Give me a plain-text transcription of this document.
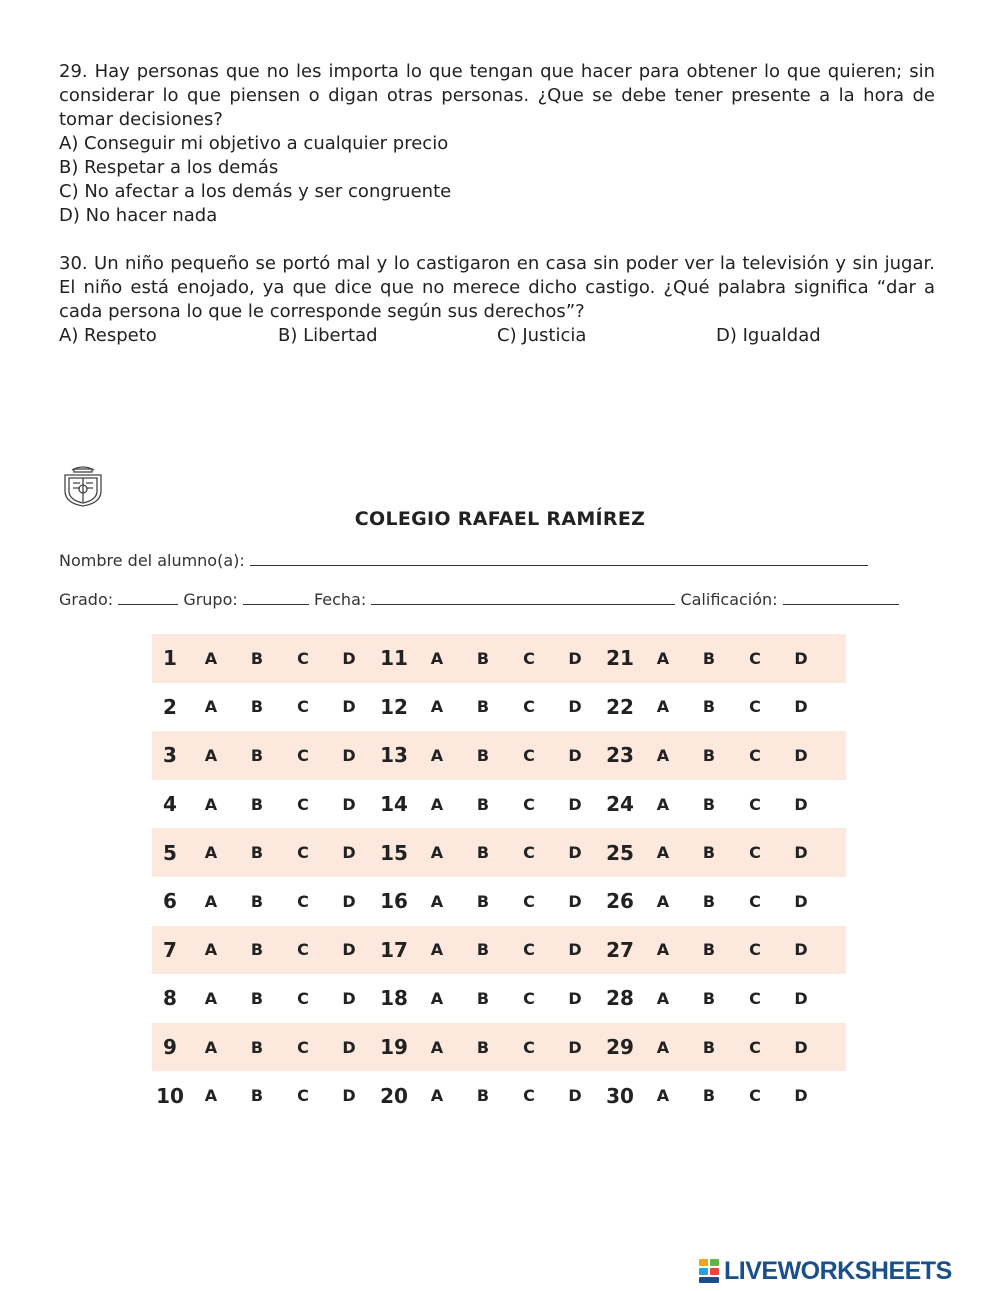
29. Hay personas que no les importa lo que tengan que hacer para obtener lo que quieren; sin considerar lo que piensen o digan otras personas. ¿Que se debe tener presente a la hora de tomar decisiones?

A) Conseguir mi objetivo a cualquier precio
B) Respetar a los demás
C) No afectar a los demás y ser congruente
D) No hacer nada

30. Un niño pequeño se portó mal y lo castigaron en casa sin poder ver la televisión y sin jugar. El niño está enojado, ya que dice que no merece dicho castigo. ¿Qué palabra significa “dar a cada persona lo que le corresponde según sus derechos”?

A) Respeto	B) Libertad	C) Justicia	D) Igualdad
COLEGIO RAFAEL RAMÍREZ
Nombre del alumno(a):
Grado:	Grupo:	Fecha:	Calificación:
1	A	B	C	D	11	A	B	C	D	21	A	B	C	D
2	A	B	C	D	12	A	B	C	D	22	A	B	C	D
3	A	B	C	D	13	A	B	C	D	23	A	B	C	D
4	A	B	C	D	14	A	B	C	D	24	A	B	C	D
5	A	B	C	D	15	A	B	C	D	25	A	B	C	D
6	A	B	C	D	16	A	B	C	D	26	A	B	C	D
7	A	B	C	D	17	A	B	C	D	27	A	B	C	D
8	A	B	C	D	18	A	B	C	D	28	A	B	C	D
9	A	B	C	D	19	A	B	C	D	29	A	B	C	D
10	A	B	C	D	20	A	B	C	D	30	A	B	C	D
LIVEWORKSHEETS
